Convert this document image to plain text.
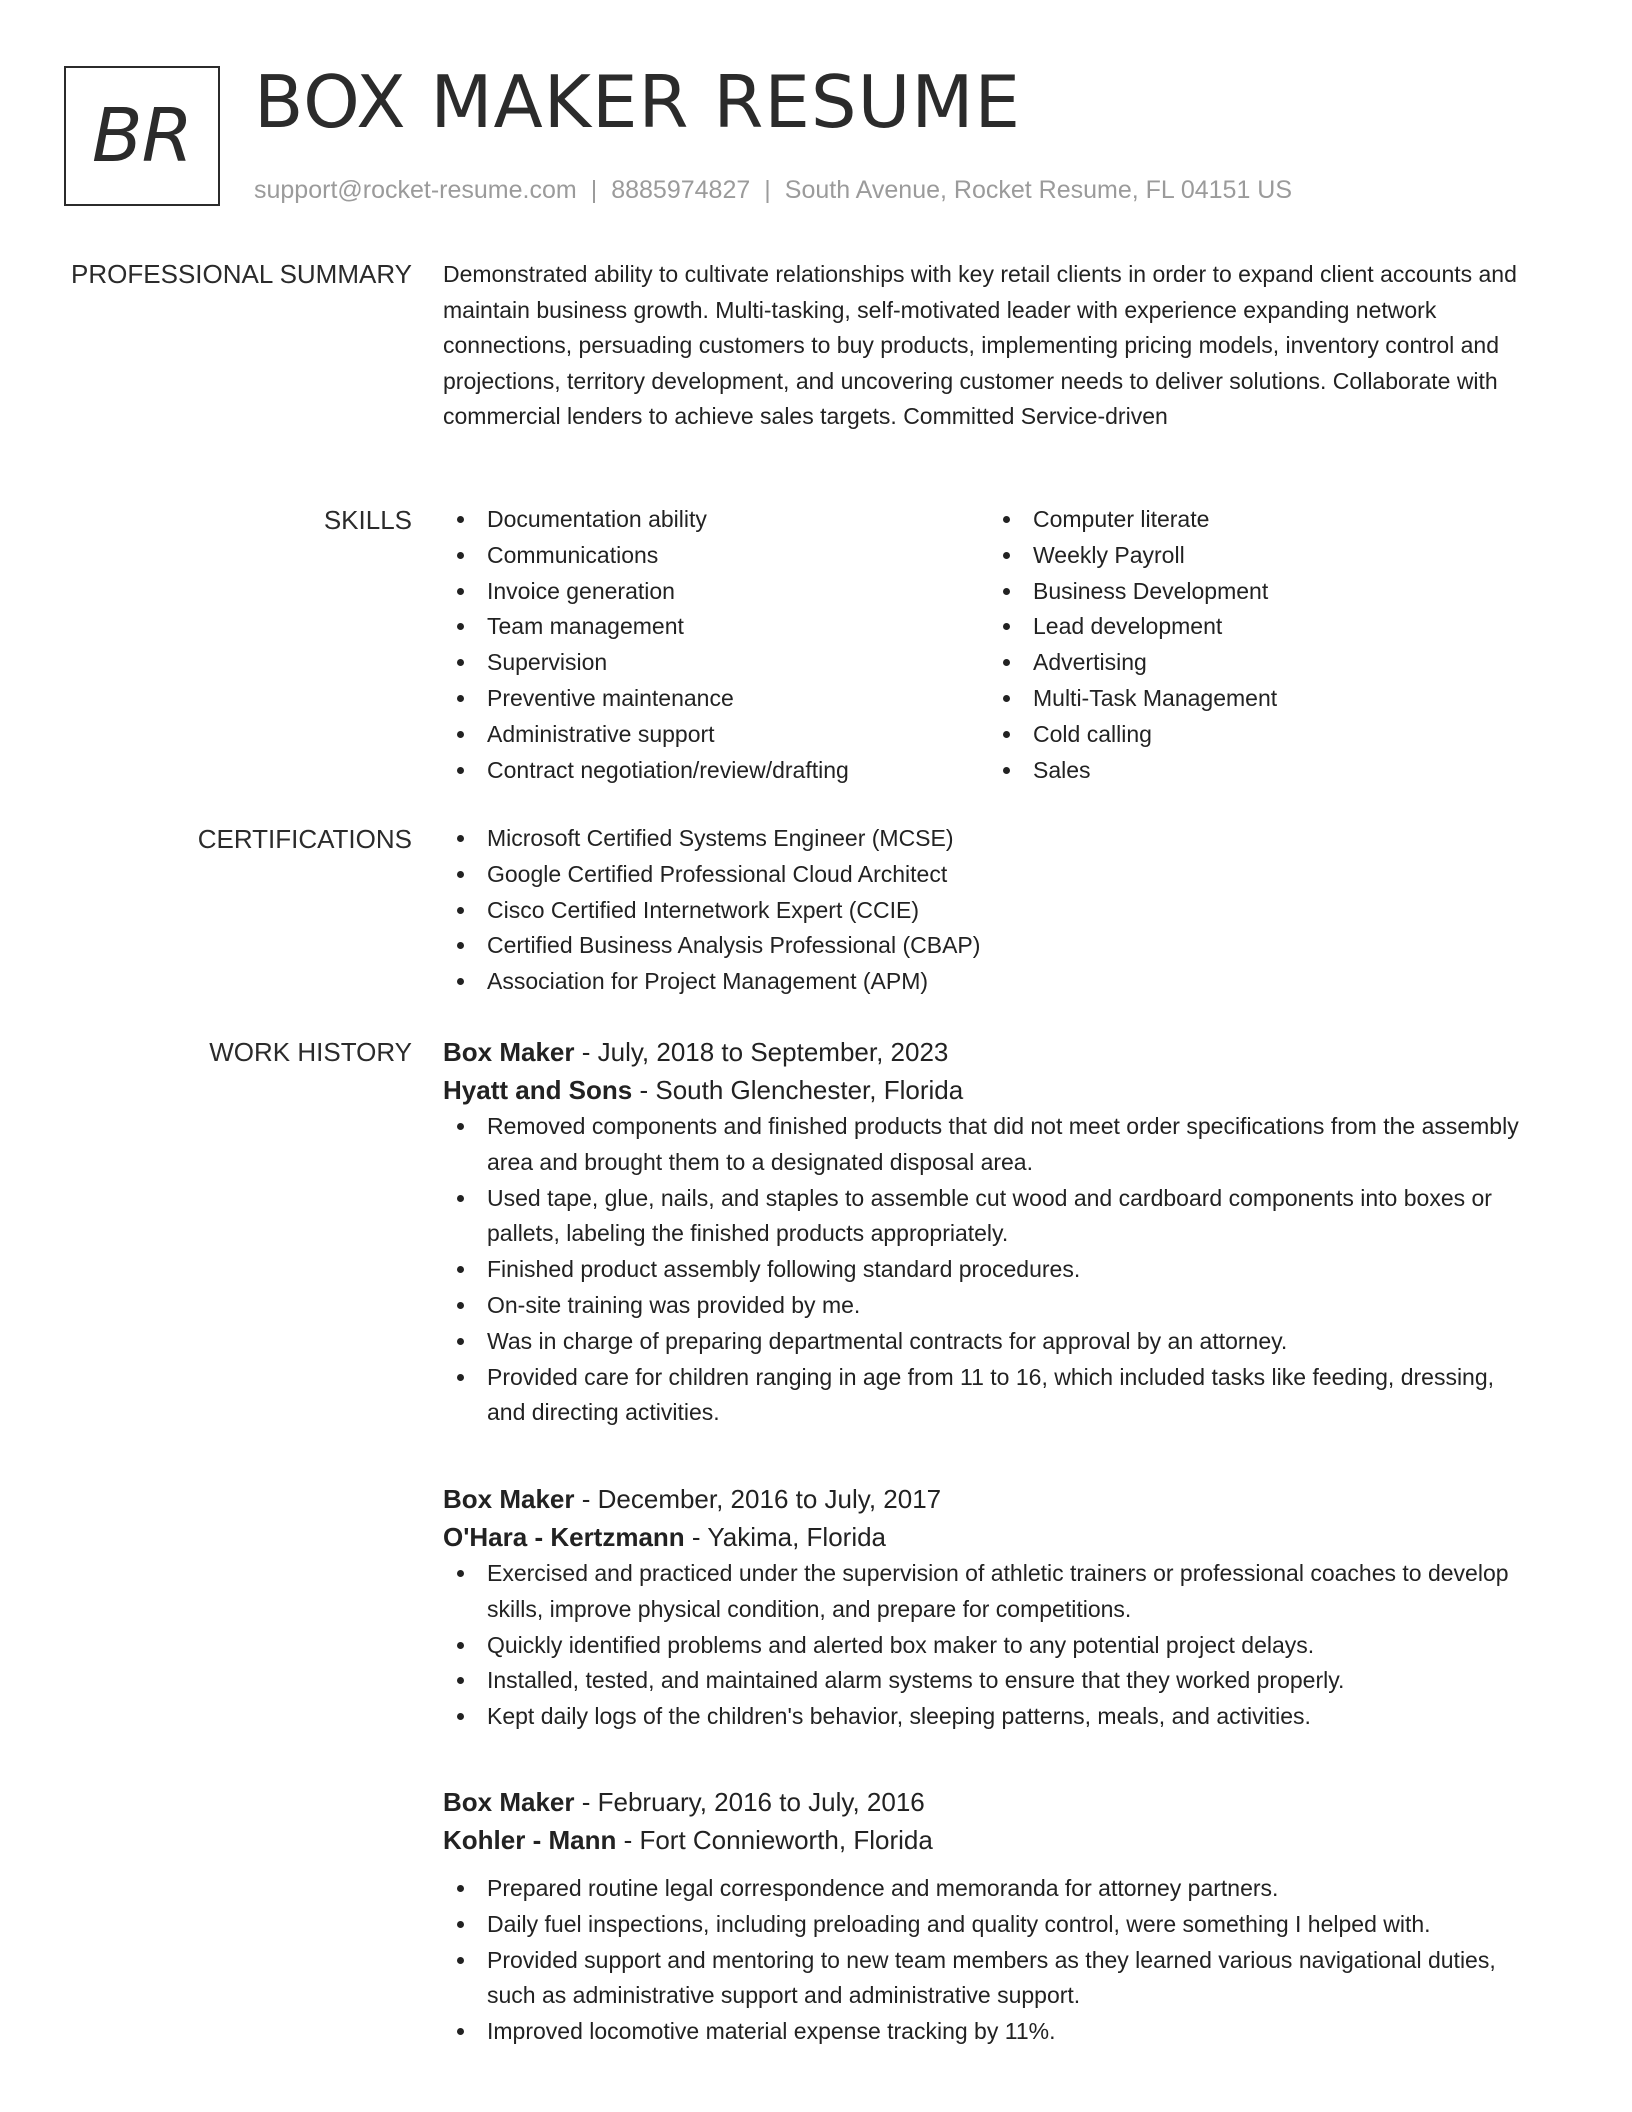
BR BOX MAKER RESUME
support@rocket-resume.com | 8885974827 | South Avenue, Rocket Resume, FL 04151 US
PROFESSIONAL SUMMARY Demonstrated ability to cultivate relationships with key retail clients in order to expand client accounts and maintain business growth. Multi-tasking, self-motivated leader with experience expanding network connections, persuading customers to buy products, implementing pricing models, inventory control and projections, territory development, and uncovering customer needs to deliver solutions. Collaborate with commercial lenders to achieve sales targets. Committed Service-driven

SKILLS	Documentation ability
Communications
Invoice generation
Team management
Supervision
Preventive maintenance
Administrative support
Contract negotiation/review/drafting
Computer literate
Weekly Payroll
Business Development
Lead development
Advertising
Multi-Task Management
Cold calling
Sales
CERTIFICATIONS	Microsoft Certified Systems Engineer (MCSE)
Google Certified Professional Cloud Architect
Cisco Certified Internetwork Expert (CCIE)
Certified Business Analysis Professional (CBAP)
Association for Project Management (APM)
WORK HISTORY Box Maker - July, 2018 to September, 2023
Hyatt and Sons - South Glenchester, Florida
Removed components and finished products that did not meet order specifications from the assembly area and brought them to a designated disposal area.
Used tape, glue, nails, and staples to assemble cut wood and cardboard components into boxes or pallets, labeling the finished products appropriately.
Finished product assembly following standard procedures.
On-site training was provided by me.
Was in charge of preparing departmental contracts for approval by an attorney.
Provided care for children ranging in age from 11 to 16, which included tasks like feeding, dressing, and directing activities.
Box Maker - December, 2016 to July, 2017
O'Hara - Kertzmann - Yakima, Florida
Exercised and practiced under the supervision of athletic trainers or professional coaches to develop skills, improve physical condition, and prepare for competitions.
Quickly identified problems and alerted box maker to any potential project delays.
Installed, tested, and maintained alarm systems to ensure that they worked properly.
Kept daily logs of the children's behavior, sleeping patterns, meals, and activities.
Box Maker - February, 2016 to July, 2016
Kohler - Mann - Fort Connieworth, Florida
Prepared routine legal correspondence and memoranda for attorney partners.
Daily fuel inspections, including preloading and quality control, were something I helped with.
Provided support and mentoring to new team members as they learned various navigational duties, such as administrative support and administrative support.
Improved locomotive material expense tracking by 11%.
